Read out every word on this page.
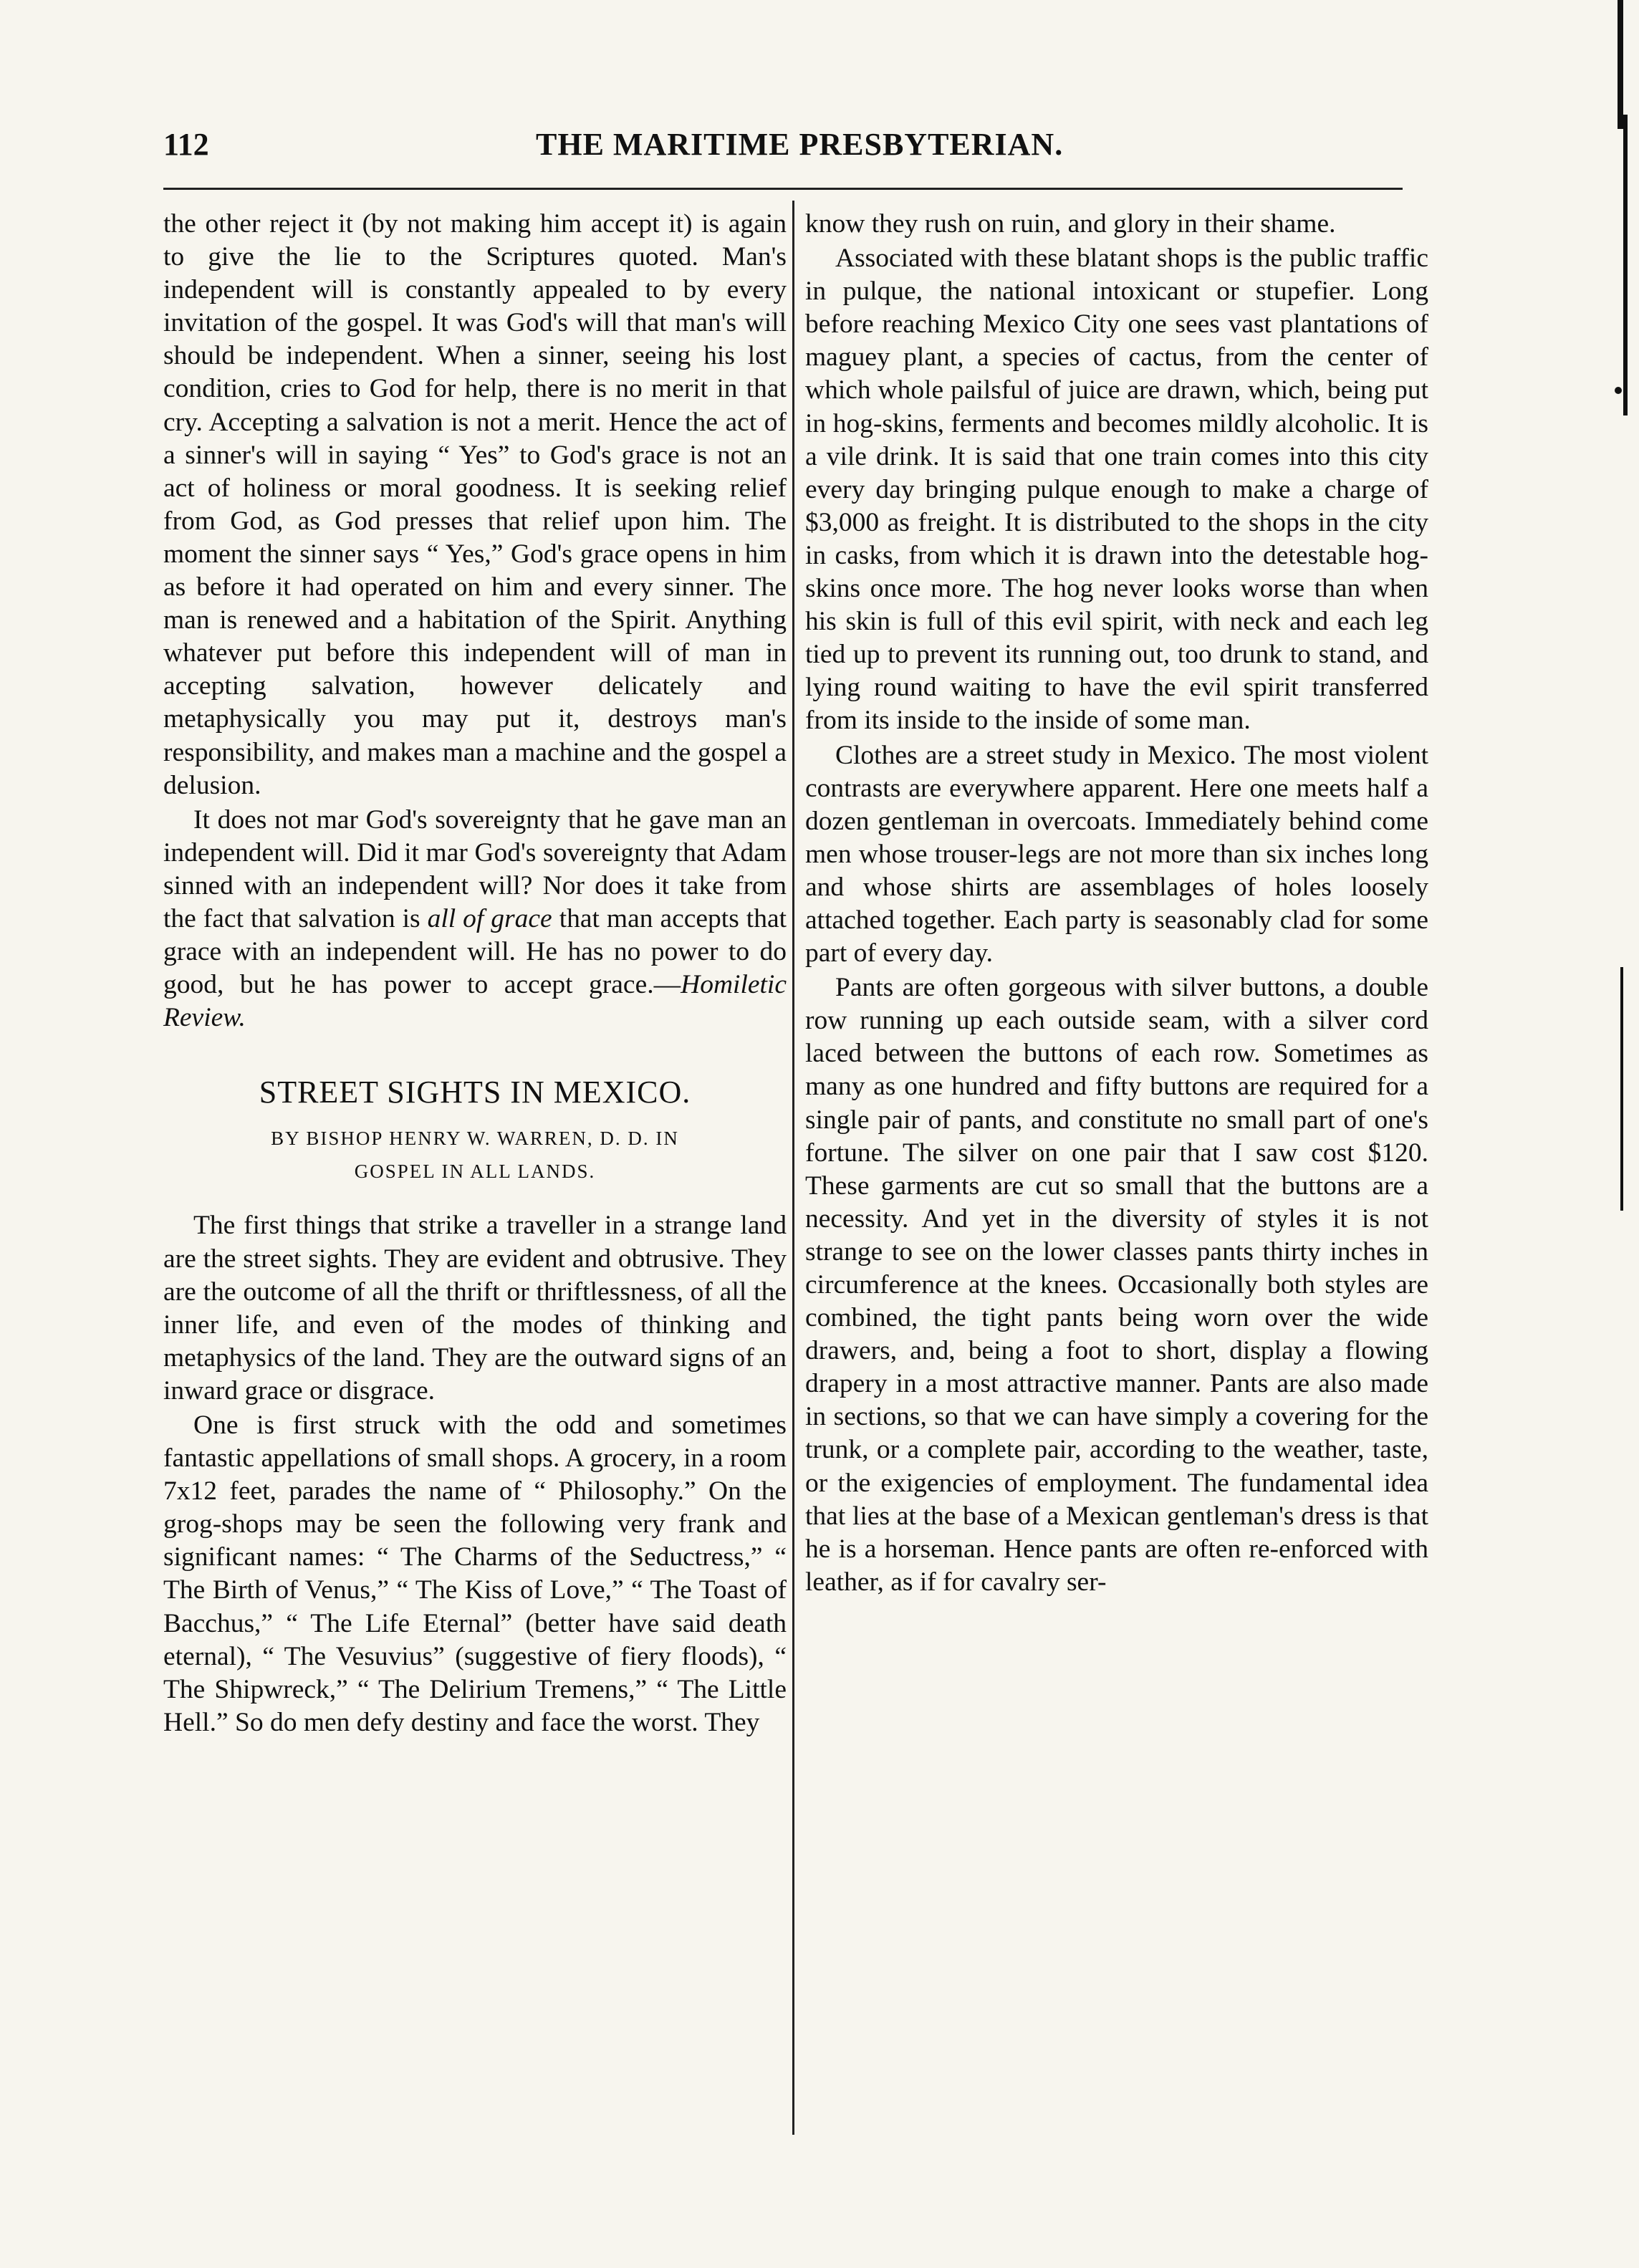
112	THE MARITIME PRESBYTERIAN.

the other reject it (by not making him accept it) is again to give the lie to the Scriptures quoted. Man's independent will is constantly appealed to by every invitation of the gospel. It was God's will that man's will should be independent. When a sinner, seeing his lost condition, cries to God for help, there is no merit in that cry. Accepting a salvation is not a merit. Hence the act of a sinner's will in saying “ Yes” to God's grace is not an act of holiness or moral goodness. It is seeking relief from God, as God presses that relief upon him. The moment the sinner says “ Yes,” God's grace opens in him as before it had operated on him and every sinner. The man is renewed and a habitation of the Spirit. Anything whatever put before this independent will of man in accepting salvation, however delicately and metaphysically you may put it, destroys man's responsibility, and makes man a machine and the gospel a delusion.

It does not mar God's sovereignty that he gave man an independent will. Did it mar God's sovereignty that Adam sinned with an independent will? Nor does it take from the fact that salvation is all of grace that man accepts that grace with an independent will. He has no power to do good, but he has power to accept grace.—Homiletic Review.

STREET SIGHTS IN MEXICO.
BY BISHOP HENRY W. WARREN, D. D. IN
GOSPEL IN ALL LANDS.

The first things that strike a traveller in a strange land are the street sights. They are evident and obtrusive. They are the outcome of all the thrift or thriftlessness, of all the inner life, and even of the modes of thinking and metaphysics of the land. They are the outward signs of an inward grace or disgrace.

One is first struck with the odd and sometimes fantastic appellations of small shops. A grocery, in a room 7x12 feet, parades the name of “ Philosophy.” On the grog-shops may be seen the following very frank and significant names: “ The Charms of the Seductress,” “ The Birth of Venus,” “ The Kiss of Love,” “ The Toast of Bacchus,” “ The Life Eternal” (better have said death eternal), “ The Vesuvius” (suggestive of fiery floods), “ The Shipwreck,” “ The Delirium Tremens,” “ The Little Hell.” So do men defy destiny and face the worst. They

know they rush on ruin, and glory in their shame.

Associated with these blatant shops is the public traffic in pulque, the national intoxicant or stupefier. Long before reaching Mexico City one sees vast plantations of maguey plant, a species of cactus, from the center of which whole pailsful of juice are drawn, which, being put in hog-skins, ferments and becomes mildly alcoholic. It is a vile drink. It is said that one train comes into this city every day bringing pulque enough to make a charge of $3,000 as freight. It is distributed to the shops in the city in casks, from which it is drawn into the detestable hog-skins once more. The hog never looks worse than when his skin is full of this evil spirit, with neck and each leg tied up to prevent its running out, too drunk to stand, and lying round waiting to have the evil spirit transferred from its inside to the inside of some man.

Clothes are a street study in Mexico. The most violent contrasts are everywhere apparent. Here one meets half a dozen gentleman in overcoats. Immediately behind come men whose trouser-legs are not more than six inches long and whose shirts are assemblages of holes loosely attached together. Each party is seasonably clad for some part of every day.

Pants are often gorgeous with silver buttons, a double row running up each outside seam, with a silver cord laced between the buttons of each row. Sometimes as many as one hundred and fifty buttons are required for a single pair of pants, and constitute no small part of one's fortune. The silver on one pair that I saw cost $120. These garments are cut so small that the buttons are a necessity. And yet in the diversity of styles it is not strange to see on the lower classes pants thirty inches in circumference at the knees. Occasionally both styles are combined, the tight pants being worn over the wide drawers, and, being a foot to short, display a flowing drapery in a most attractive manner. Pants are also made in sections, so that we can have simply a covering for the trunk, or a complete pair, according to the weather, taste, or the exigencies of employment. The fundamental idea that lies at the base of a Mexican gentleman's dress is that he is a horseman. Hence pants are often re-enforced with leather, as if for cavalry ser-
